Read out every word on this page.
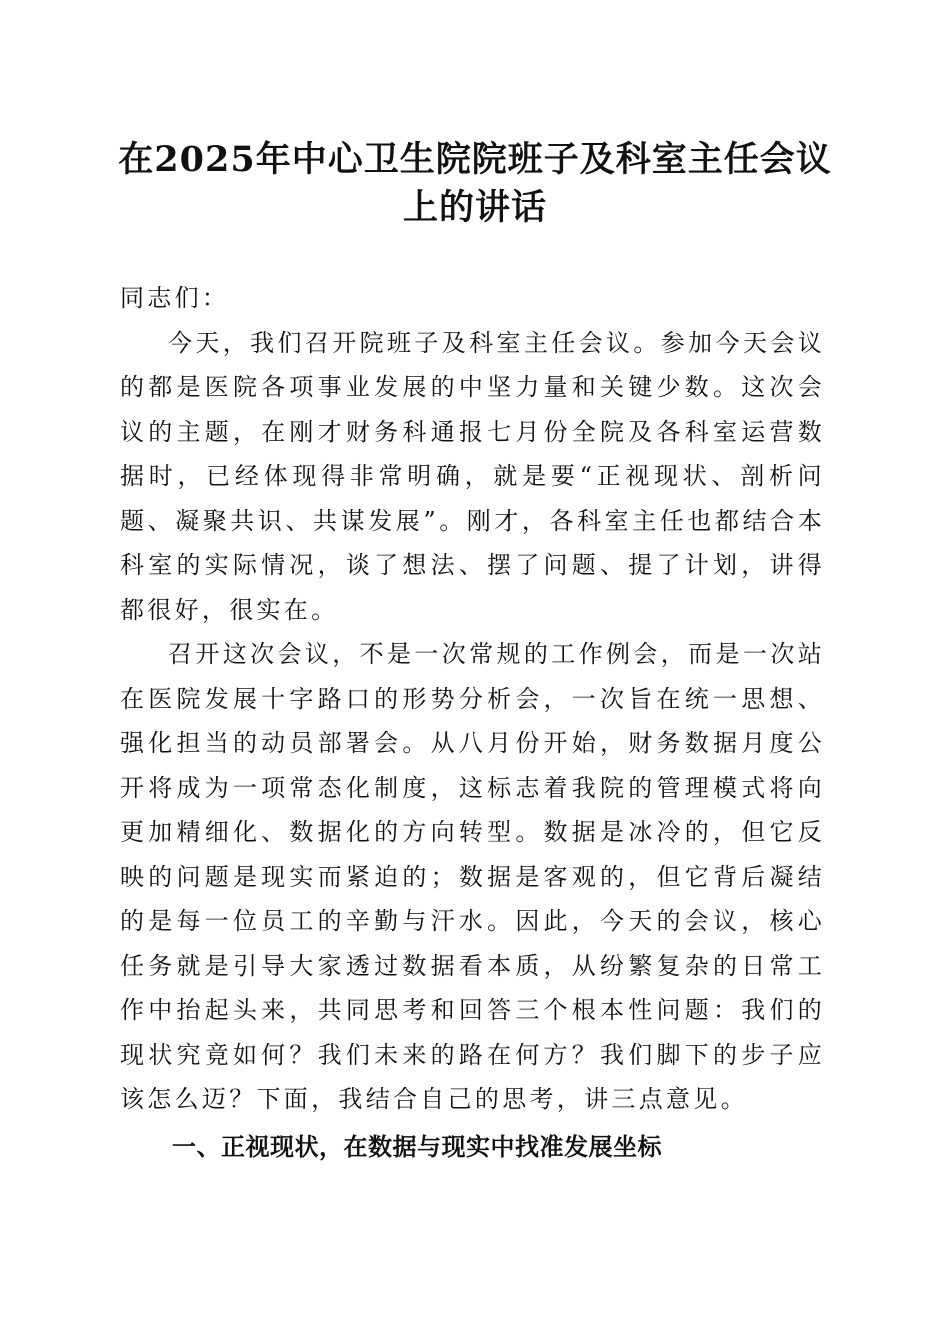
在2025年中心卫生院院班子及科室主任会议
上的讲话

同志们：

今天，我们召开院班子及科室主任会议。参加今天会议的都是医院各项事业发展的中坚力量和关键少数。这次会议的主题，在刚才财务科通报七月份全院及各科室运营数据时，已经体现得非常明确，就是要“正视现状、剖析问题、凝聚共识、共谋发展”。刚才，各科室主任也都结合本科室的实际情况，谈了想法、摆了问题、提了计划，讲得都很好，很实在。

召开这次会议，不是一次常规的工作例会，而是一次站在医院发展十字路口的形势分析会，一次旨在统一思想、强化担当的动员部署会。从八月份开始，财务数据月度公开将成为一项常态化制度，这标志着我院的管理模式将向更加精细化、数据化的方向转型。数据是冰冷的，但它反映的问题是现实而紧迫的；数据是客观的，但它背后凝结的是每一位员工的辛勤与汗水。因此，今天的会议，核心任务就是引导大家透过数据看本质，从纷繁复杂的日常工作中抬起头来，共同思考和回答三个根本性问题：我们的现状究竟如何？我们未来的路在何方？我们脚下的步子应该怎么迈？下面，我结合自己的思考，讲三点意见。

一、正视现状，在数据与现实中找准发展坐标
